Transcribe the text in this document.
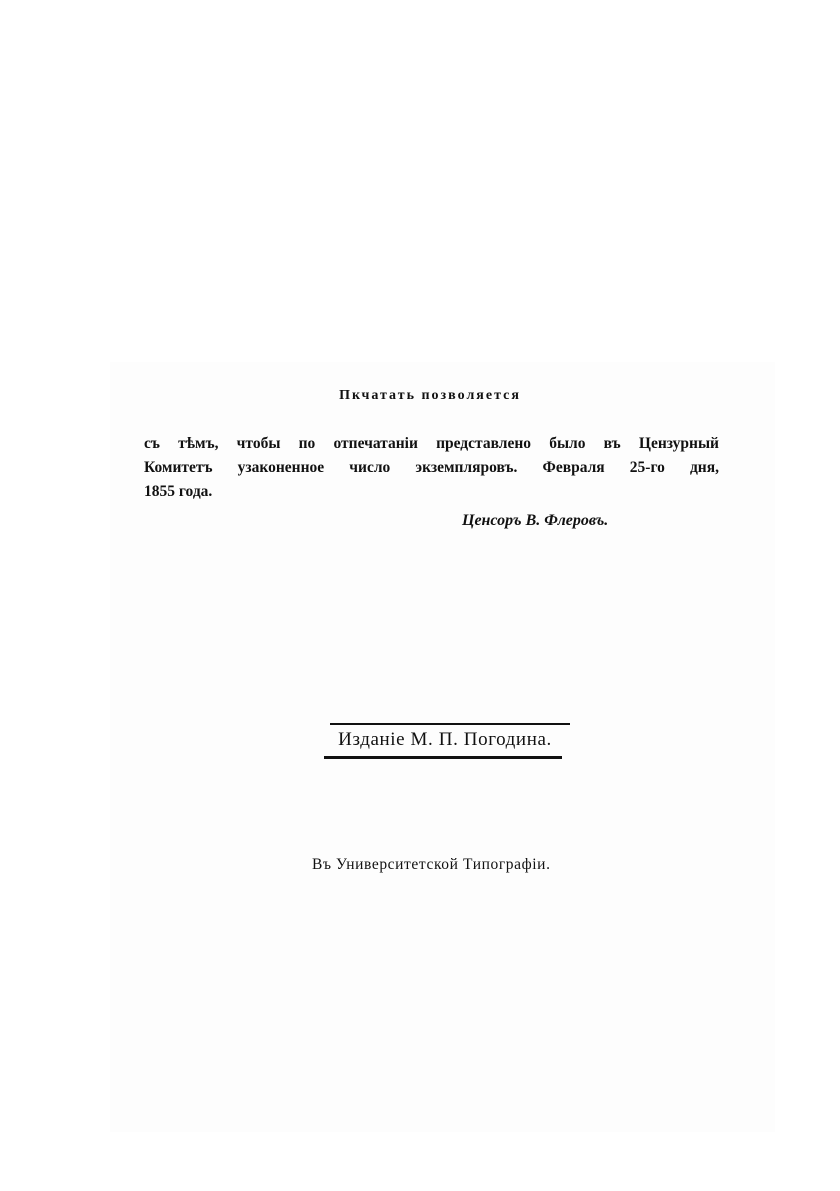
Пкчатать позволяется
съ тѣмъ, чтобы по отпечатаніи представлено было въ Цензурный
Комитетъ узаконенное число экземпляровъ. Февраля 25-го дня,
1855 года.
Ценсоръ В. Флеровъ.
Изданіе М. П. Погодина.
Въ Университетской Типографіи.
